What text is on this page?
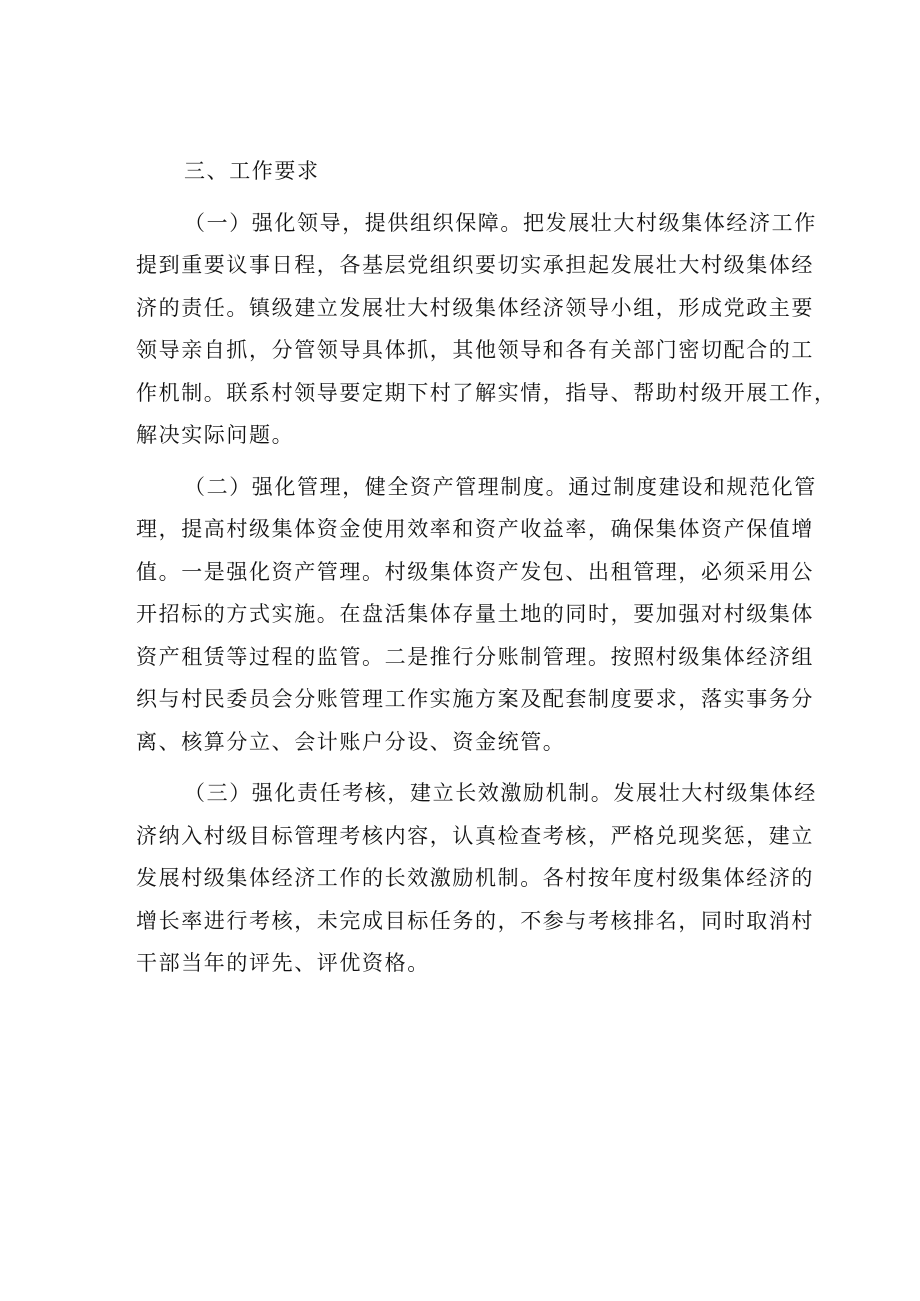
三、工作要求
（一）强化领导，提供组织保障。把发展壮大村级集体经济工作
提到重要议事日程，各基层党组织要切实承担起发展壮大村级集体经
济的责任。镇级建立发展壮大村级集体经济领导小组，形成党政主要
领导亲自抓，分管领导具体抓，其他领导和各有关部门密切配合的工
作机制。联系村领导要定期下村了解实情，指导、帮助村级开展工作，
解决实际问题。
（二）强化管理，健全资产管理制度。通过制度建设和规范化管
理，提高村级集体资金使用效率和资产收益率，确保集体资产保值增
值。一是强化资产管理。村级集体资产发包、出租管理，必须采用公
开招标的方式实施。在盘活集体存量土地的同时，要加强对村级集体
资产租赁等过程的监管。二是推行分账制管理。按照村级集体经济组
织与村民委员会分账管理工作实施方案及配套制度要求，落实事务分
离、核算分立、会计账户分设、资金统管。
（三）强化责任考核，建立长效激励机制。发展壮大村级集体经
济纳入村级目标管理考核内容，认真检查考核，严格兑现奖惩，建立
发展村级集体经济工作的长效激励机制。各村按年度村级集体经济的
增长率进行考核，未完成目标任务的，不参与考核排名，同时取消村
干部当年的评先、评优资格。
